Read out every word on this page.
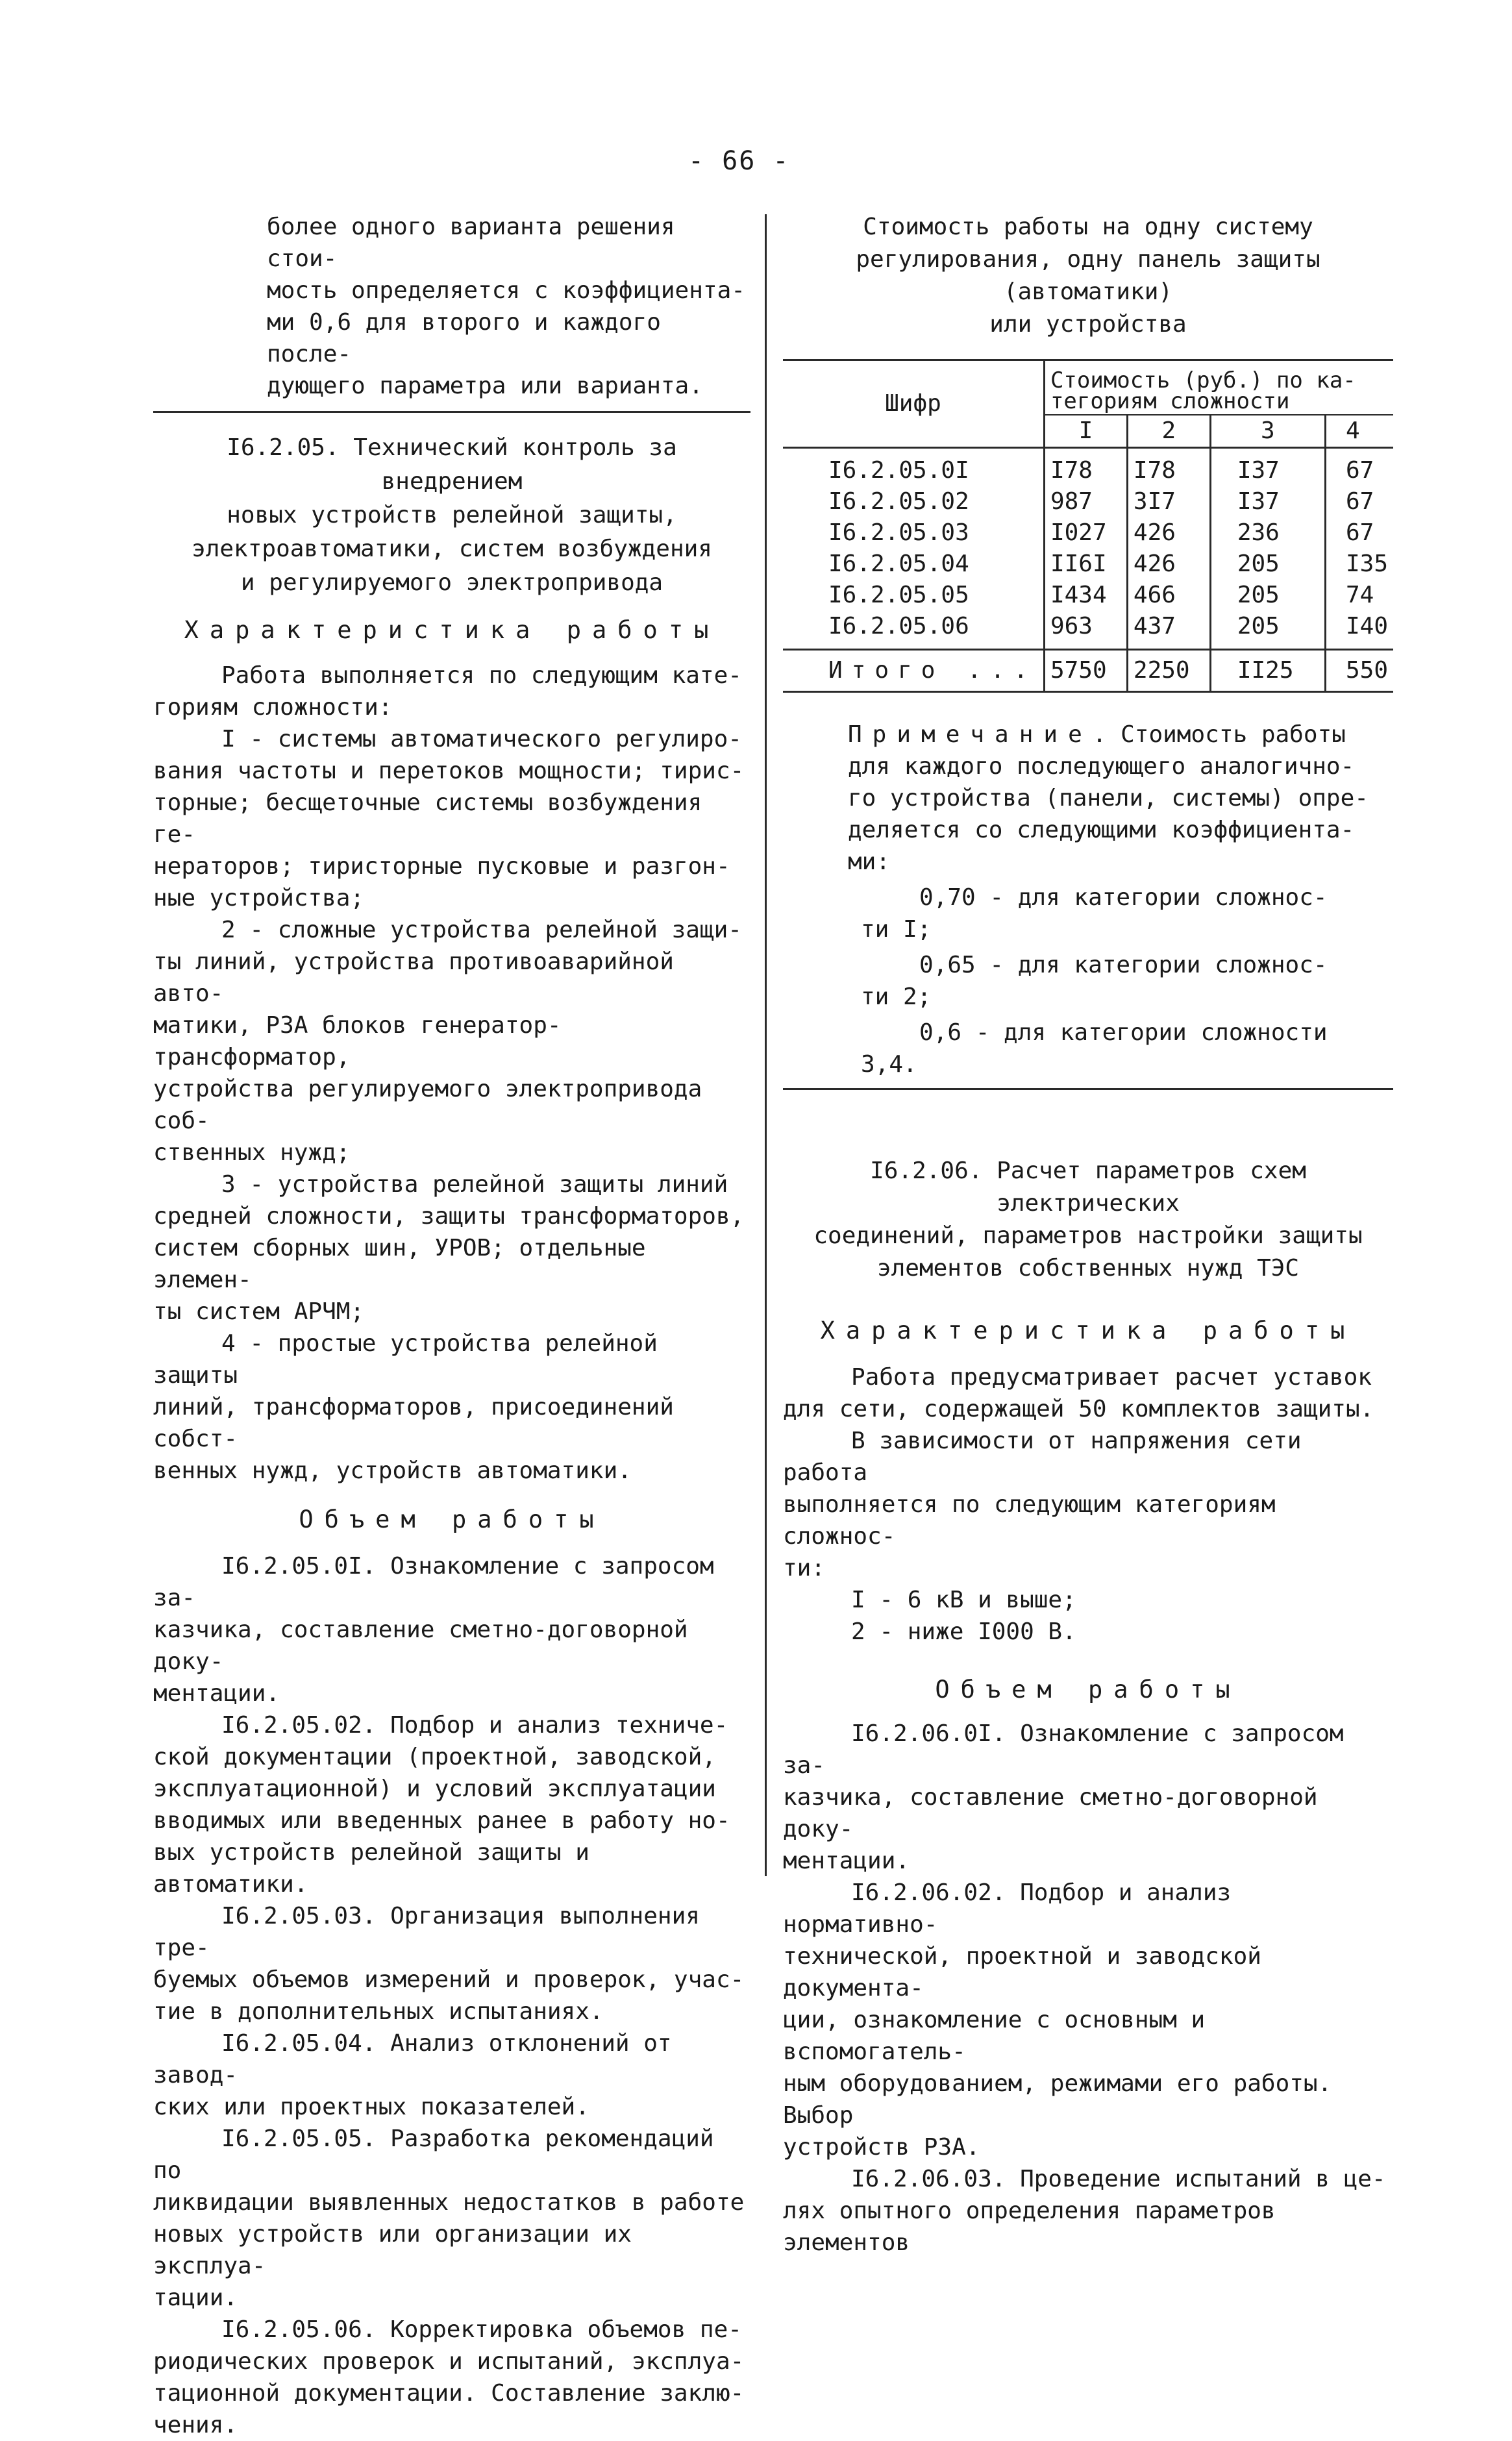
- 66 -
более одного варианта решения стои-
мость определяется с коэффициента-
ми 0,6 для второго и каждого после-
дующего параметра или варианта.
I6.2.05. Технический контроль за внедрением
новых устройств релейной защиты,
электроавтоматики, систем возбуждения
и регулируемого электропривода
Характеристика работы
Работа выполняется по следующим кате-
гориям сложности:
I - системы автоматического регулиро-
вания частоты и перетоков мощности; тирис-
торные; бесщеточные системы возбуждения ге-
нераторов; тиристорные пусковые и разгон-
ные устройства;
2 - сложные устройства релейной защи-
ты линий, устройства противоаварийной авто-
матики, РЗА блоков генератор-трансформатор,
устройства регулируемого электропривода соб-
ственных нужд;
3 - устройства релейной защиты линий
средней сложности, защиты трансформаторов,
систем сборных шин, УРОВ; отдельные элемен-
ты систем АРЧМ;
4 - простые устройства релейной защиты
линий, трансформаторов, присоединений собст-
венных нужд, устройств автоматики.
Объем работы
I6.2.05.0I. Ознакомление с запросом за-
казчика, составление сметно-договорной доку-
ментации.
I6.2.05.02. Подбор и анализ техниче-
ской документации (проектной, заводской,
эксплуатационной) и условий эксплуатации
вводимых или введенных ранее в работу но-
вых устройств релейной защиты и автоматики.
I6.2.05.03. Организация выполнения тре-
буемых объемов измерений и проверок, учас-
тие в дополнительных испытаниях.
I6.2.05.04. Анализ отклонений от завод-
ских или проектных показателей.
I6.2.05.05. Разработка рекомендаций по
ликвидации выявленных недостатков в работе
новых устройств или организации их эксплуа-
тации.
I6.2.05.06. Корректировка объемов пе-
риодических проверок и испытаний, эксплуа-
тационной документации. Составление заклю-
чения.
Стоимость работы на одну систему
регулирования, одну панель защиты (автоматики)
или устройства
Шифр	Стоимость (руб.) по ка-
тегориям сложности			
	I	2	3	4
I6.2.05.0I	I78	I78	I37	67
I6.2.05.02	987	3I7	I37	67
I6.2.05.03	I027	426	236	67
I6.2.05.04	II6I	426	205	I35
I6.2.05.05	I434	466	205	74
I6.2.05.06	963	437	205	I40
Итого ...	5750	2250	II25	550
Примечание. Стоимость работы
для каждого последующего аналогично-
го устройства (панели, системы) опре-
деляется со следующими коэффициента-
ми:
0,70 - для категории сложнос-
ти I;
0,65 - для категории сложнос-
ти 2;
0,6 - для категории сложности
3,4.
I6.2.06. Расчет параметров схем электрических
соединений, параметров настройки защиты
элементов собственных нужд ТЭС
Характеристика работы
Работа предусматривает расчет уставок
для сети, содержащей 50 комплектов защиты.
В зависимости от напряжения сети работа
выполняется по следующим категориям сложнос-
ти:
I - 6 кВ и выше;
2 - ниже I000 В.
Объем работы
I6.2.06.0I. Ознакомление с запросом за-
казчика, составление сметно-договорной доку-
ментации.
I6.2.06.02. Подбор и анализ нормативно-
технической, проектной и заводской документа-
ции, ознакомление с основным и вспомогатель-
ным оборудованием, режимами его работы. Выбор
устройств РЗА.
I6.2.06.03. Проведение испытаний в це-
лях опытного определения параметров элементов
